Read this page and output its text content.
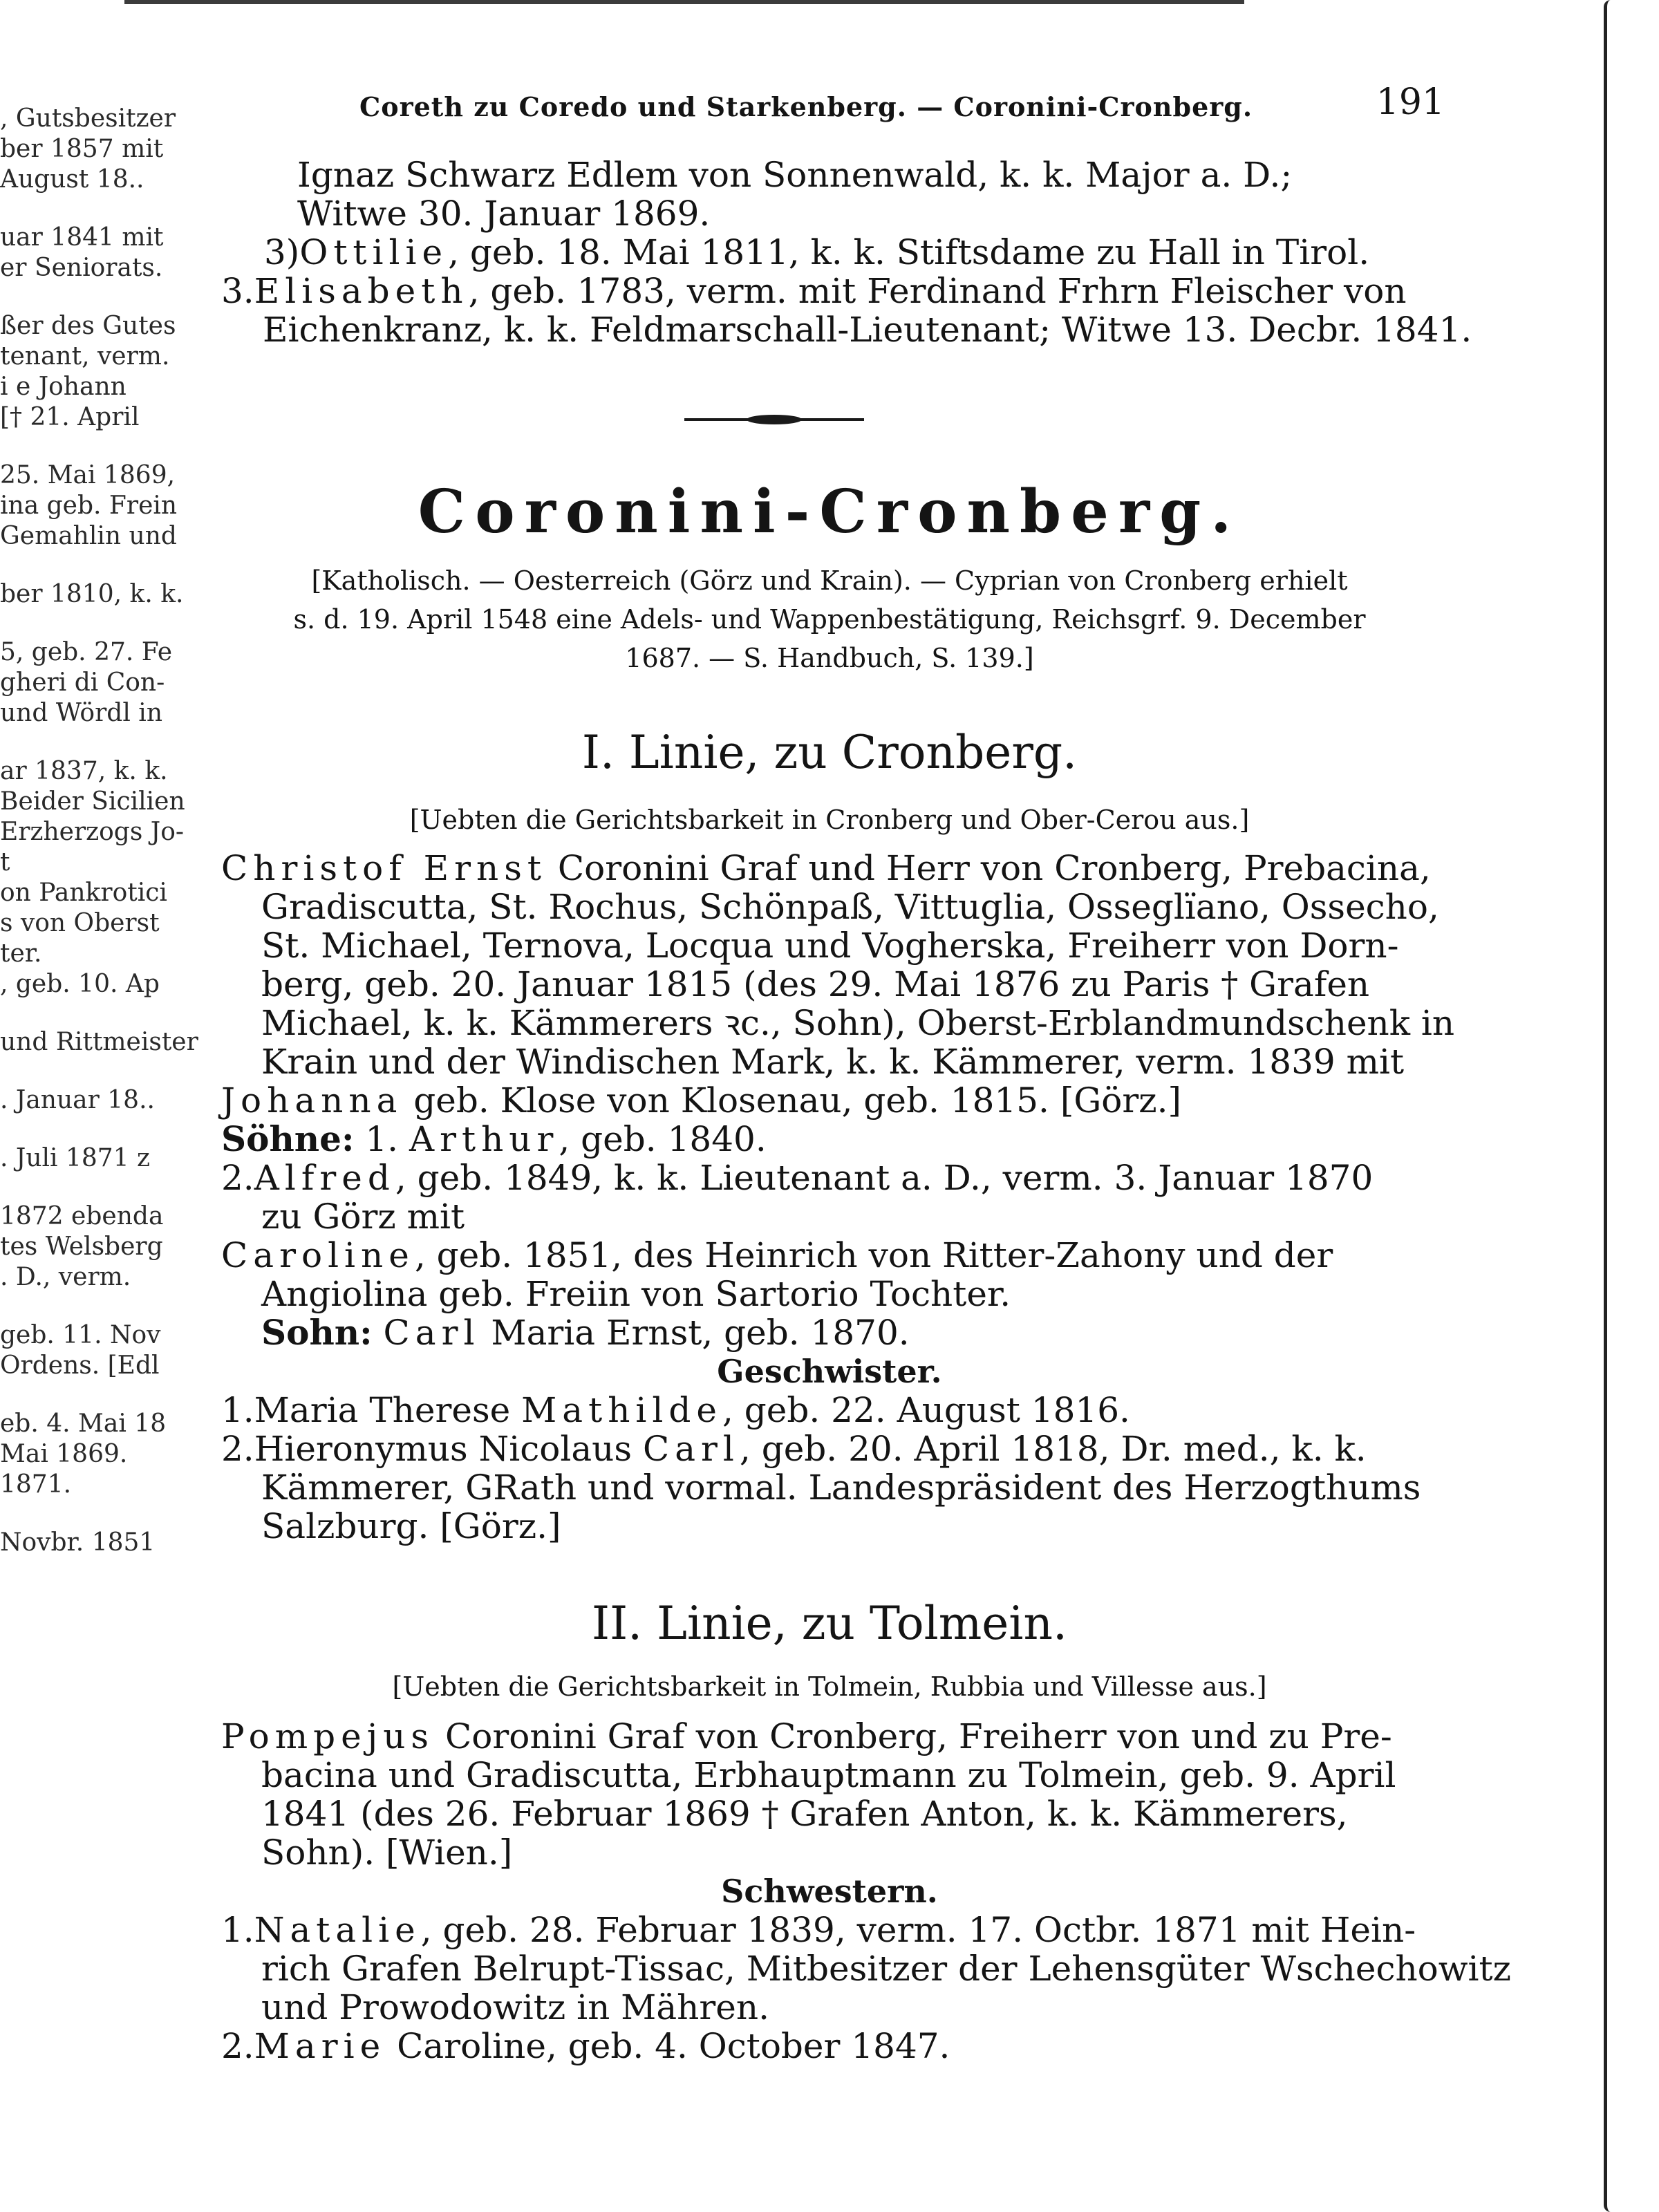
, Gutsbesitzer
ber 1857 mit
August 18..
uar 1841 mit
er Seniorats.
ßer des Gutes
tenant, verm.
i e Johann
[† 21. April
25. Mai 1869,
ina geb. Frein
Gemahlin und
ber 1810, k. k.
5, geb. 27. Fe
gheri di Con-
und Wördl in
ar 1837, k. k.
Beider Sicilien
Erzherzogs Jo-
t
on Pankrotici
s von Oberst
ter.
, geb. 10. Ap
und Rittmeister
. Januar 18..
. Juli 1871 z
1872 ebenda
tes Welsberg
. D., verm.
geb. 11. Nov
Ordens. [Edl
eb. 4. Mai 18
Mai 1869.
1871.
Novbr. 1851
Coreth zu Coredo und Starkenberg. — Coronini-Cronberg.	191
Ignaz Schwarz Edlem von Sonnenwald, k. k. Major a. D.;
Witwe 30. Januar 1869.
3)Ottilie, geb. 18. Mai 1811, k. k. Stiftsdame zu Hall in Tirol.
3.Elisabeth, geb. 1783, verm. mit Ferdinand Frhrn Fleischer von
Eichenkranz, k. k. Feldmarschall-Lieutenant; Witwe 13. Decbr. 1841.
Coronini-Cronberg.
[Katholisch. — Oesterreich (Görz und Krain). — Cyprian von Cronberg erhielt
s. d. 19. April 1548 eine Adels- und Wappenbestätigung, Reichsgrf. 9. December
1687. — S. Handbuch, S. 139.]
I. Linie, zu Cronberg.
[Uebten die Gerichtsbarkeit in Cronberg und Ober-Cerou aus.]
Christof Ernst Coronini Graf und Herr von Cronberg, Prebacina,
Gradiscutta, St. Rochus, Schönpaß, Vittuglia, Osseglïano, Ossecho,
St. Michael, Ternova, Locqua und Vogherska, Freiherr von Dorn-
berg, geb. 20. Januar 1815 (des 29. Mai 1876 zu Paris † Grafen
Michael, k. k. Kämmerers ꝛc., Sohn), Oberst-Erblandmundschenk in
Krain und der Windischen Mark, k. k. Kämmerer, verm. 1839 mit
Johanna geb. Klose von Klosenau, geb. 1815. [Görz.]
Söhne: 1. Arthur, geb. 1840.
2.Alfred, geb. 1849, k. k. Lieutenant a. D., verm. 3. Januar 1870
zu Görz mit
Caroline, geb. 1851, des Heinrich von Ritter-Zahony und der
Angiolina geb. Freiin von Sartorio Tochter.
Sohn: Carl Maria Ernst, geb. 1870.
Geschwister.
1.Maria Therese Mathilde, geb. 22. August 1816.
2.Hieronymus Nicolaus Carl, geb. 20. April 1818, Dr. med., k. k.
Kämmerer, GRath und vormal. Landespräsident des Herzogthums
Salzburg. [Görz.]
II. Linie, zu Tolmein.
[Uebten die Gerichtsbarkeit in Tolmein, Rubbia und Villesse aus.]
Pompejus Coronini Graf von Cronberg, Freiherr von und zu Pre-
bacina und Gradiscutta, Erbhauptmann zu Tolmein, geb. 9. April
1841 (des 26. Februar 1869 † Grafen Anton, k. k. Kämmerers,
Sohn). [Wien.]
Schwestern.
1.Natalie, geb. 28. Februar 1839, verm. 17. Octbr. 1871 mit Hein-
rich Grafen Belrupt-Tissac, Mitbesitzer der Lehensgüter Wschechowitz
und Prowodowitz in Mähren.
2.Marie Caroline, geb. 4. October 1847.
